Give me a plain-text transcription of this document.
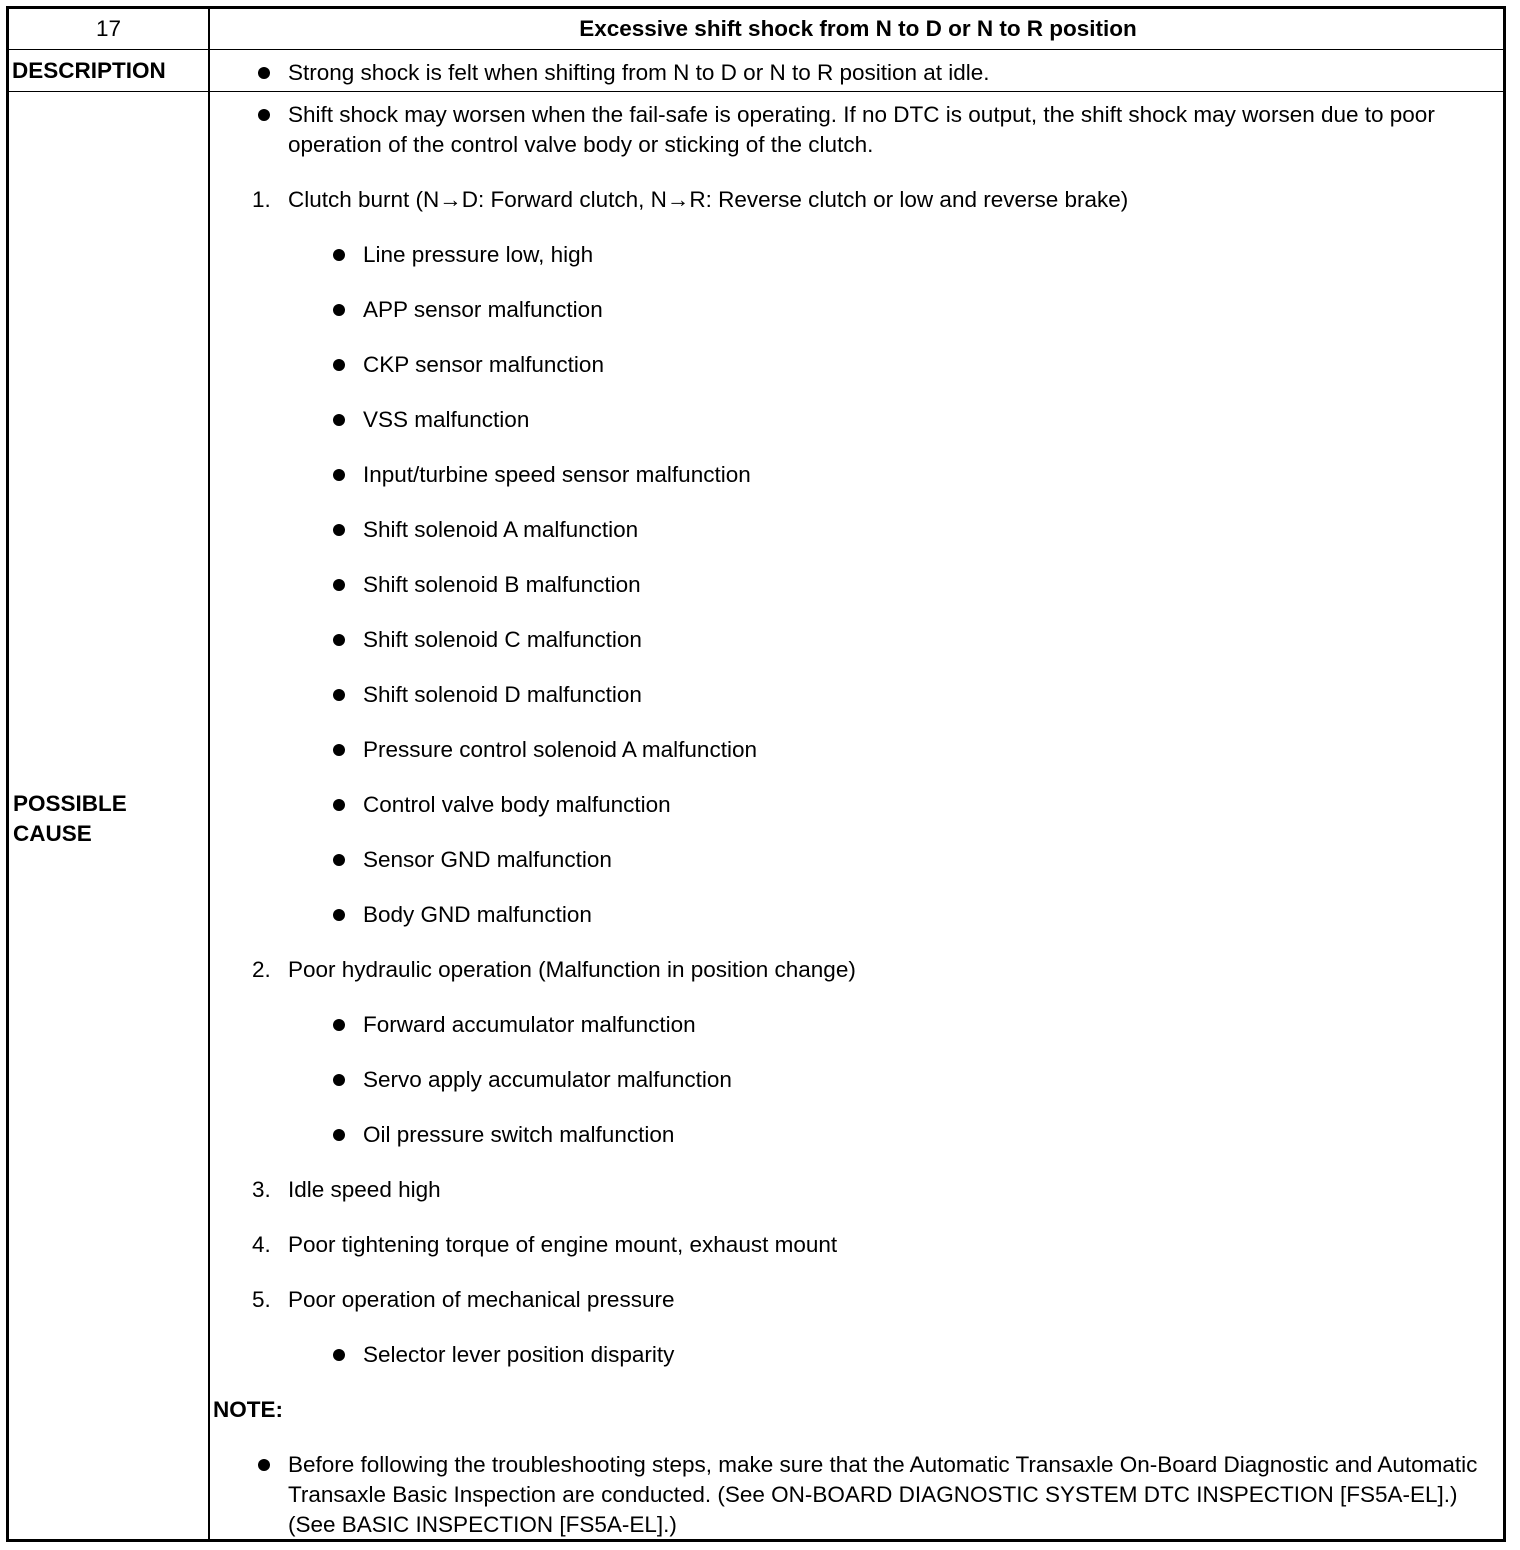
17	Excessive shift shock from N to D or N to R position
DESCRIPTION	Strong shock is felt when shifting from N to D or N to R position at idle.
POSSIBLE CAUSE
Shift shock may worsen when the fail-safe is operating. If no DTC is output, the shift shock may worsen due to poor operation of the control valve body or sticking of the clutch.
1. Clutch burnt (N→D: Forward clutch, N→R: Reverse clutch or low and reverse brake)
Line pressure low, high
APP sensor malfunction
CKP sensor malfunction
VSS malfunction
Input/turbine speed sensor malfunction
Shift solenoid A malfunction
Shift solenoid B malfunction
Shift solenoid C malfunction
Shift solenoid D malfunction
Pressure control solenoid A malfunction
Control valve body malfunction
Sensor GND malfunction
Body GND malfunction
2. Poor hydraulic operation (Malfunction in position change)
Forward accumulator malfunction
Servo apply accumulator malfunction
Oil pressure switch malfunction
3. Idle speed high
4. Poor tightening torque of engine mount, exhaust mount
5. Poor operation of mechanical pressure
Selector lever position disparity
NOTE:
Before following the troubleshooting steps, make sure that the Automatic Transaxle On-Board Diagnostic and Automatic Transaxle Basic Inspection are conducted. (See ON-BOARD DIAGNOSTIC SYSTEM DTC INSPECTION [FS5A-EL].) (See BASIC INSPECTION [FS5A-EL].)
